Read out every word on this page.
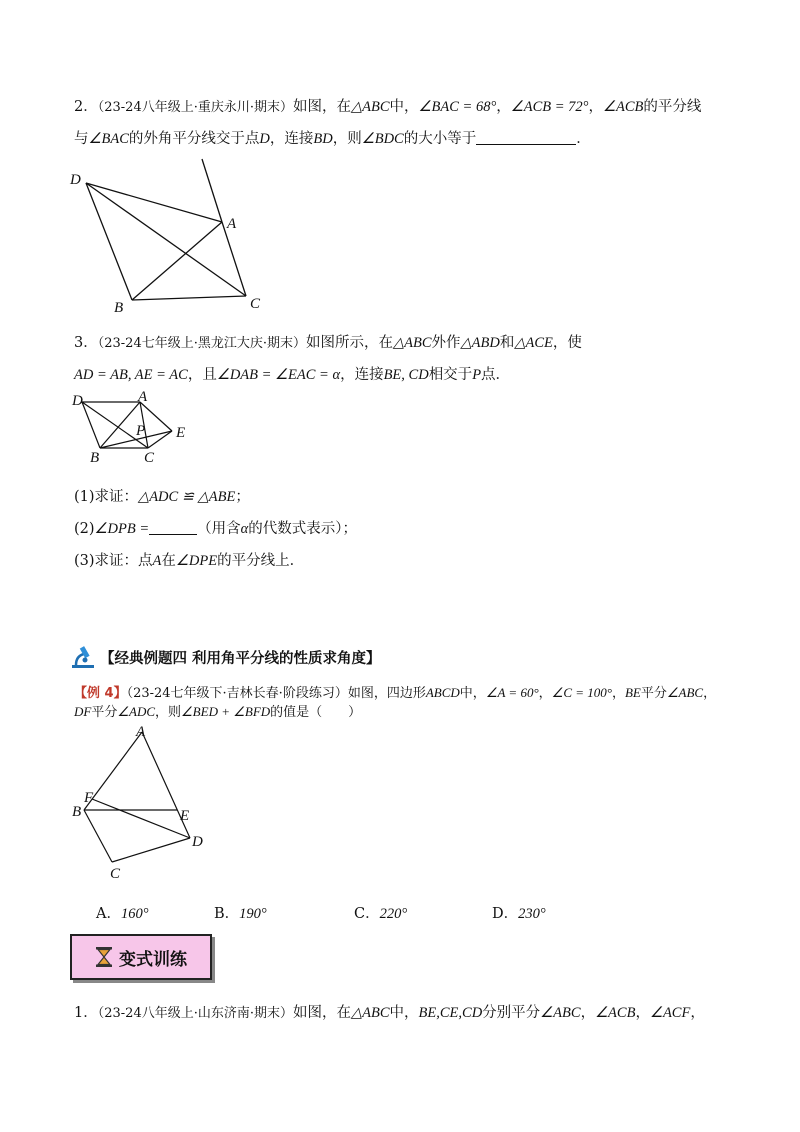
2．（23-24八年级上·重庆永川·期末）如图，在△ABC中，∠BAC = 68°，∠ACB = 72°，∠ACB的平分线
与∠BAC的外角平分线交于点D，连接BD，则∠BDC的大小等于	．
D
A
B	C
3．（23-24七年级上·黑龙江大庆·期末）如图所示，在△ABC外作△ABD和△ACE，使
AD = AB, AE = AC，且∠DAB = ∠EAC = α，连接BE, CD相交于P点．
D	A
P E
B	C
(1)求证：△ADC ≌ △ABE；
(2)∠DPB =	（用含α的代数式表示）；
(3)求证：点A在∠DPE的平分线上．
【经典例题四 利用角平分线的性质求角度】
【例 4】（23-24七年级下·吉林长春·阶段练习）如图，四边形ABCD中，∠A = 60°，∠C = 100°，BE平分∠ABC，
DF平分∠ADC，则∠BED + ∠BFD的值是（　　）
A
F
B	E
D
C
A．160°	B．190°	C．220°	D．230°
变式训练
1．（23-24八年级上·山东济南·期末）如图，在△ABC中，BE,CE,CD分别平分∠ABC，∠ACB，∠ACF，
